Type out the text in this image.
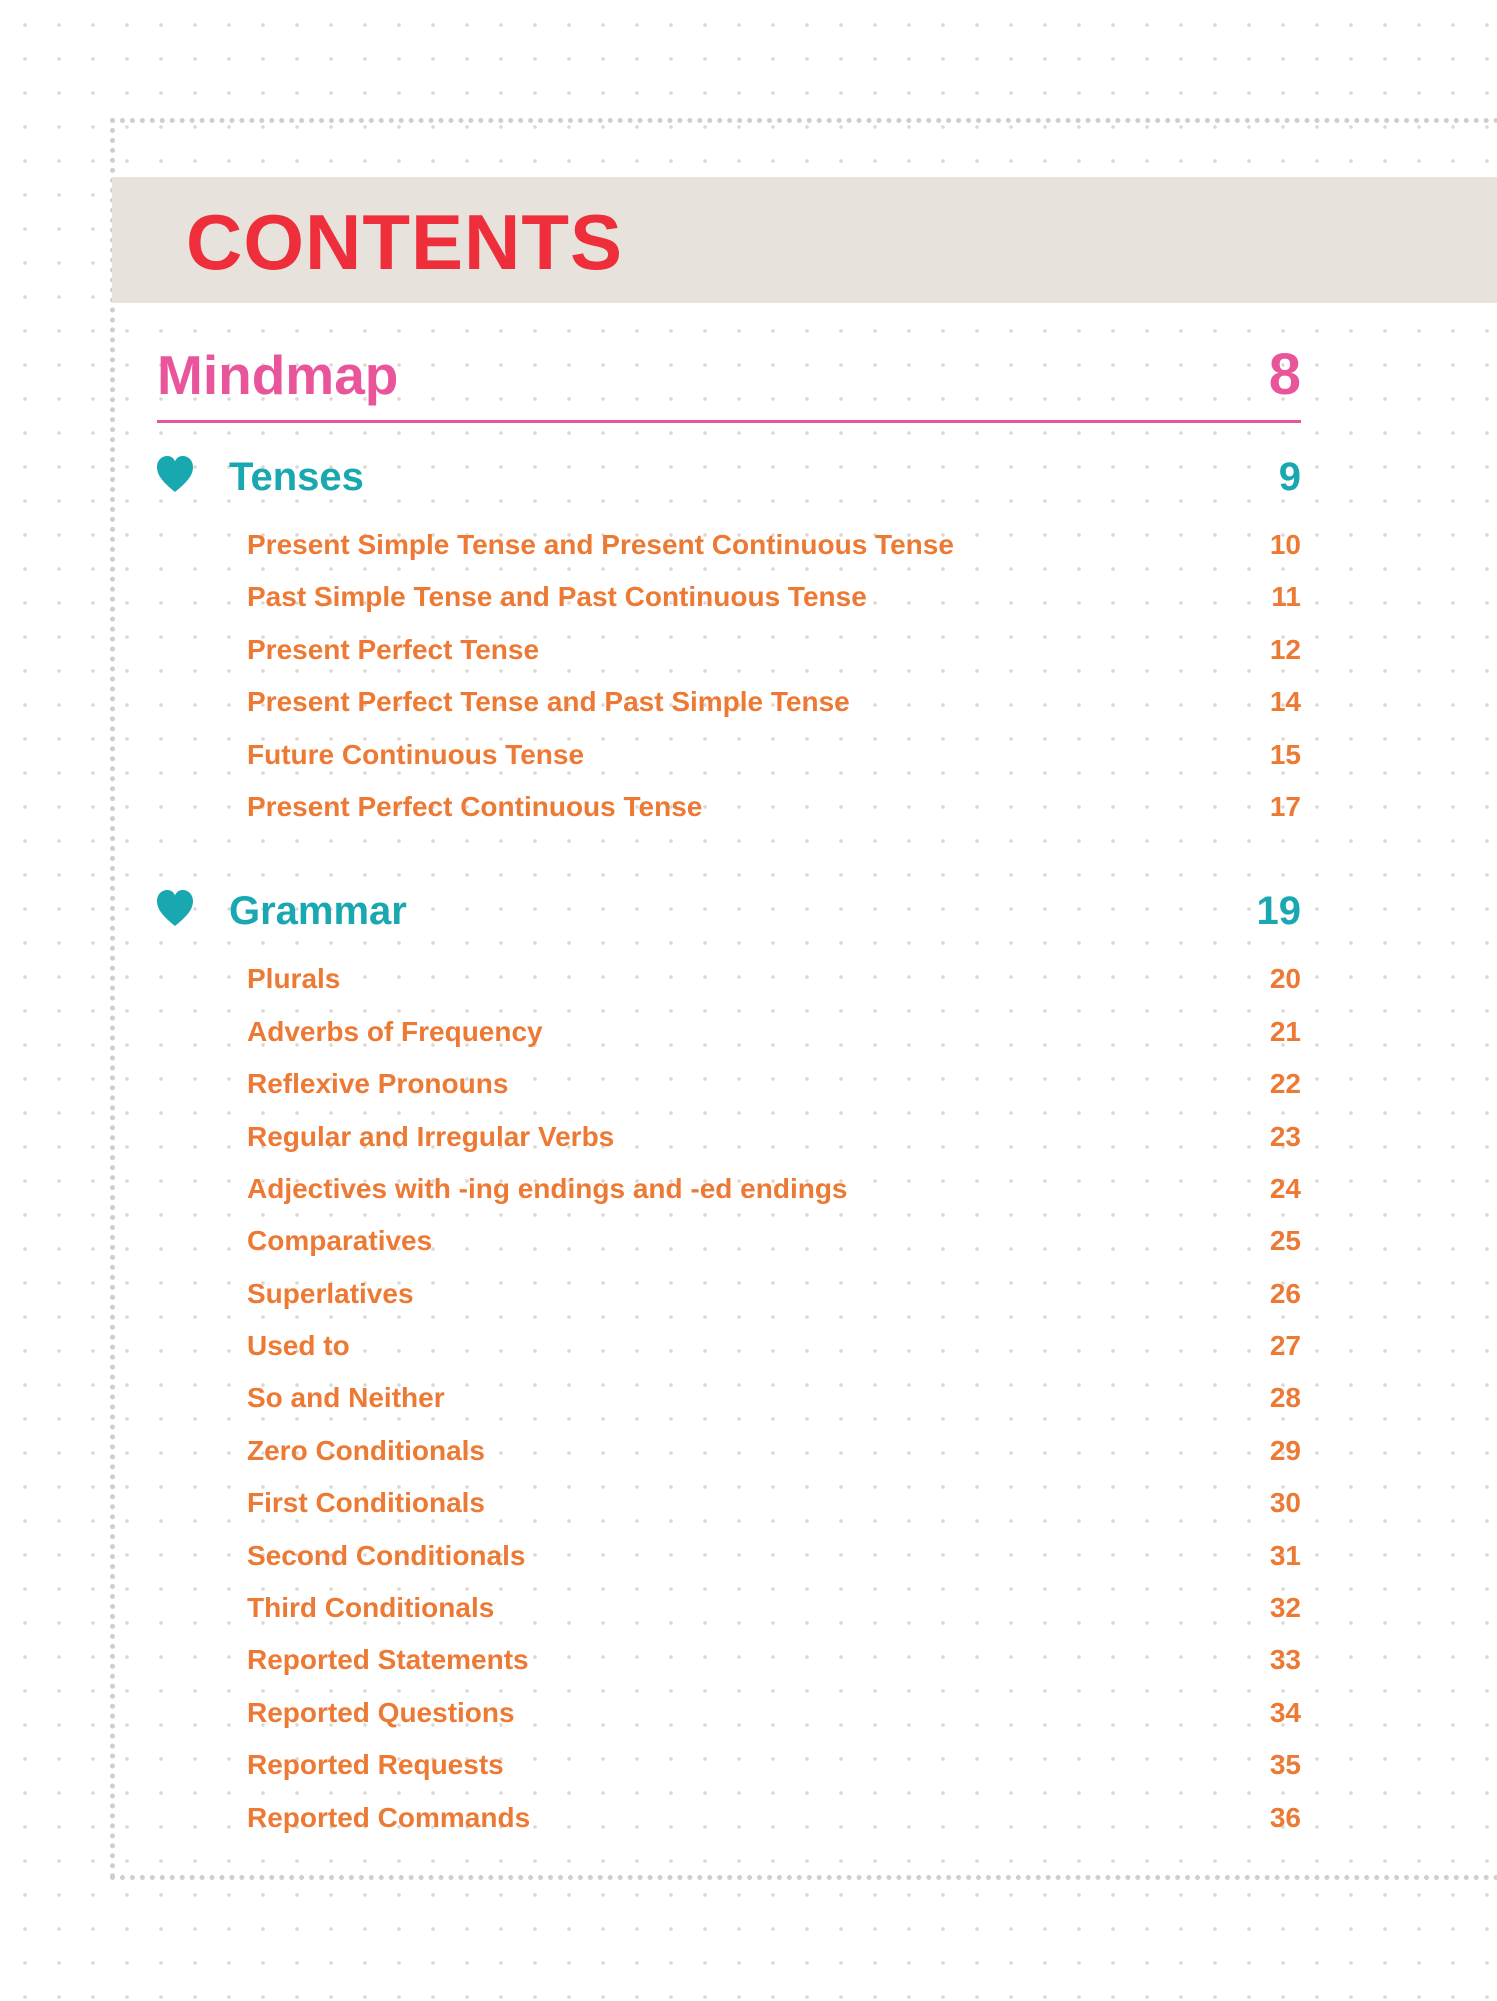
CONTENTS
Mindmap	8
Tenses	9
Present Simple Tense and Present Continuous Tense	10
Past Simple Tense and Past Continuous Tense	11
Present Perfect Tense	12
Present Perfect Tense and Past Simple Tense	14
Future Continuous Tense	15
Present Perfect Continuous Tense	17
Grammar	19
Plurals	20
Adverbs of Frequency	21
Reflexive Pronouns	22
Regular and Irregular Verbs	23
Adjectives with -ing endings and -ed endings	24
Comparatives	25
Superlatives	26
Used to	27
So and Neither	28
Zero Conditionals	29
First Conditionals	30
Second Conditionals	31
Third Conditionals	32
Reported Statements	33
Reported Questions	34
Reported Requests	35
Reported Commands	36
